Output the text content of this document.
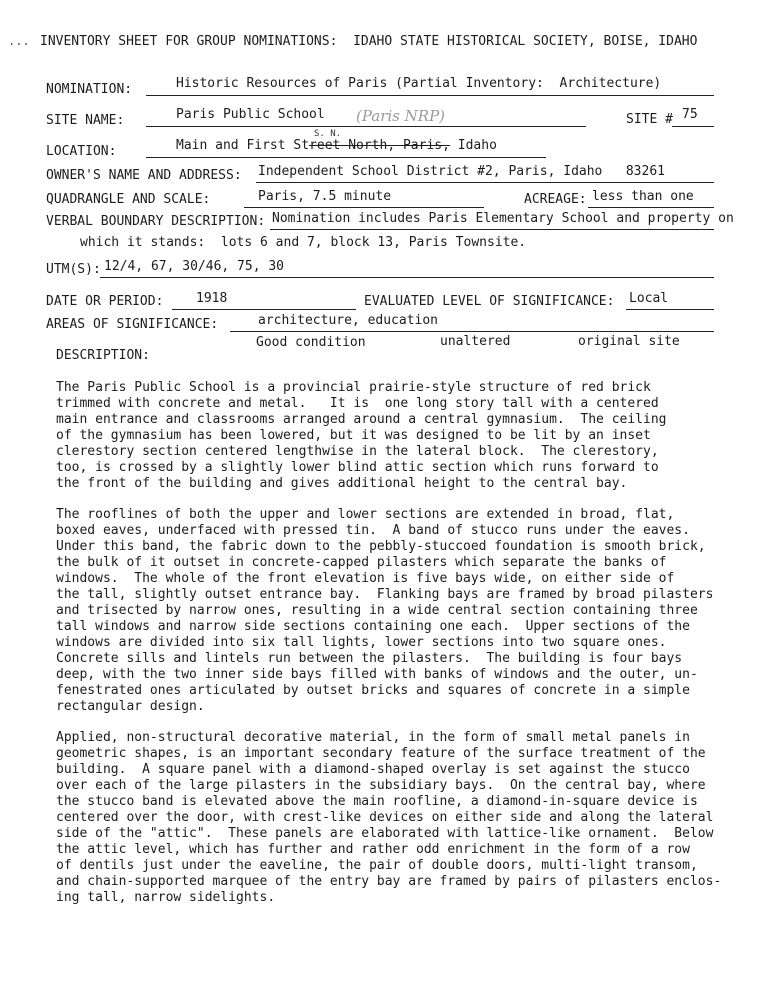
... INVENTORY SHEET FOR GROUP NOMINATIONS:  IDAHO STATE HISTORICAL SOCIETY, BOISE, IDAHO
NOMINATION:	Historic Resources of Paris (Partial Inventory:  Architecture)
SITE NAME:	Paris Public School (Paris NRP)	SITE # 75
LOCATION:
S. N.
Main and First Street North, Paris, Idaho
OWNER'S NAME AND ADDRESS: Independent School District #2, Paris, Idaho   83261
QUADRANGLE AND SCALE:	Paris, 7.5 minute	ACREAGE: less than one
VERBAL BOUNDARY DESCRIPTION: Nomination includes Paris Elementary School and property on
which it stands:  lots 6 and 7, block 13, Paris Townsite.
UTM(S): 12/4, 67, 30/46, 75, 30
DATE OR PERIOD:	1918	EVALUATED LEVEL OF SIGNIFICANCE: Local
AREAS OF SIGNIFICANCE:	architecture, education
Good condition	unaltered	original site
DESCRIPTION:
The Paris Public School is a provincial prairie-style structure of red brick
trimmed with concrete and metal.   It is  one long story tall with a centered
main entrance and classrooms arranged around a central gymnasium.  The ceiling
of the gymnasium has been lowered, but it was designed to be lit by an inset
clerestory section centered lengthwise in the lateral block.  The clerestory,
too, is crossed by a slightly lower blind attic section which runs forward to
the front of the building and gives additional height to the central bay.
The rooflines of both the upper and lower sections are extended in broad, flat,
boxed eaves, underfaced with pressed tin.  A band of stucco runs under the eaves.
Under this band, the fabric down to the pebbly-stuccoed foundation is smooth brick,
the bulk of it outset in concrete-capped pilasters which separate the banks of
windows.  The whole of the front elevation is five bays wide, on either side of
the tall, slightly outset entrance bay.  Flanking bays are framed by broad pilasters
and trisected by narrow ones, resulting in a wide central section containing three
tall windows and narrow side sections containing one each.  Upper sections of the
windows are divided into six tall lights, lower sections into two square ones.
Concrete sills and lintels run between the pilasters.  The building is four bays
deep, with the two inner side bays filled with banks of windows and the outer, un-
fenestrated ones articulated by outset bricks and squares of concrete in a simple
rectangular design.
Applied, non-structural decorative material, in the form of small metal panels in
geometric shapes, is an important secondary feature of the surface treatment of the
building.  A square panel with a diamond-shaped overlay is set against the stucco
over each of the large pilasters in the subsidiary bays.  On the central bay, where
the stucco band is elevated above the main roofline, a diamond-in-square device is
centered over the door, with crest-like devices on either side and along the lateral
side of the "attic".  These panels are elaborated with lattice-like ornament.  Below
the attic level, which has further and rather odd enrichment in the form of a row
of dentils just under the eaveline, the pair of double doors, multi-light transom,
and chain-supported marquee of the entry bay are framed by pairs of pilasters enclos-
ing tall, narrow sidelights.
